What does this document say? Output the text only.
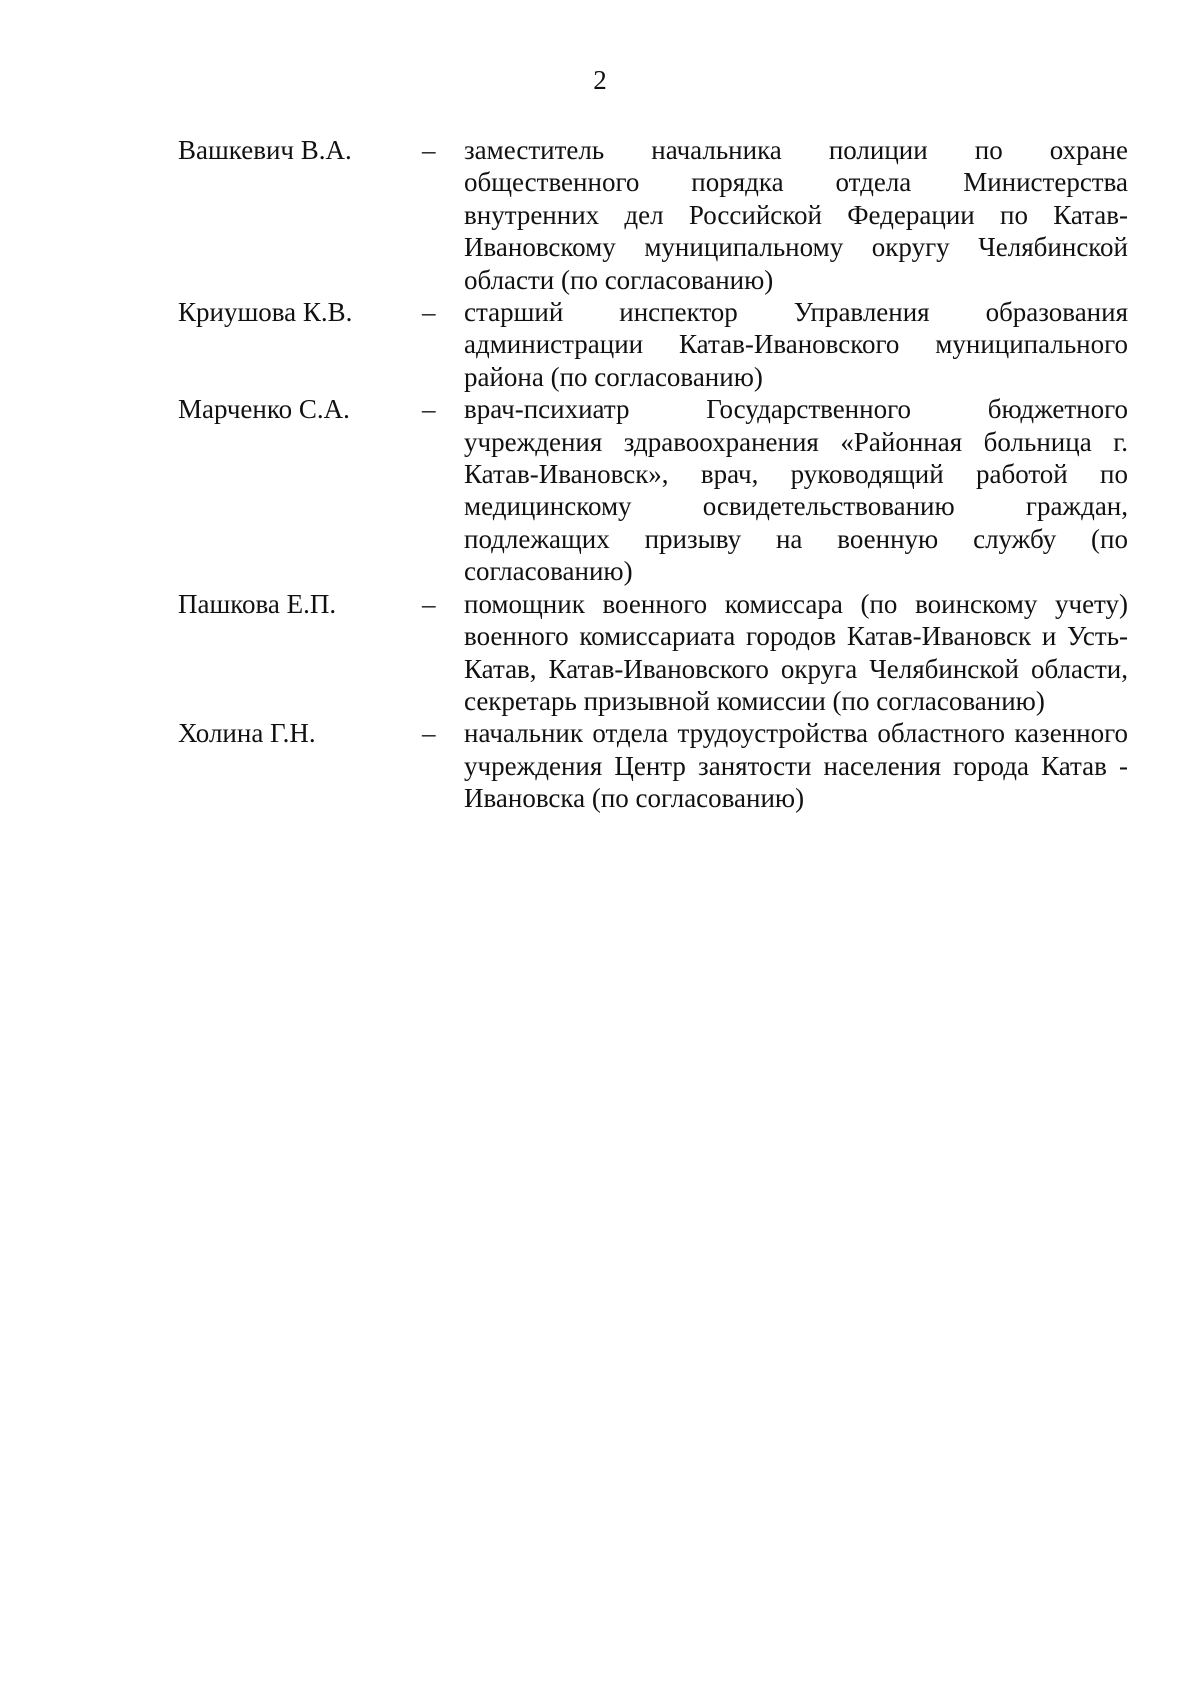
2
Вашкевич В.А.	– заместитель начальника полиции по охране общественного порядка отдела Министерства внутренних дел Российской Федерации по Катав-Ивановскому муниципальному округу Челябинской области (по согласованию)
Криушова К.В.	– старший инспектор Управления образования администрации Катав-Ивановского муниципального района (по согласованию)
Марченко С.А.	– врач-психиатр Государственного бюджетного учреждения здравоохранения «Районная больница г. Катав-Ивановск», врач, руководящий работой по медицинскому освидетельствованию граждан, подлежащих призыву на военную службу (по согласованию)
Пашкова Е.П.	– помощник военного комиссара (по воинскому учету) военного комиссариата городов Катав-Ивановск и Усть-Катав, Катав-Ивановского округа Челябинской области, секретарь призывной комиссии (по согласованию)
Холина Г.Н.	– начальник отдела трудоустройства областного казенного учреждения Центр занятости населения города Катав - Ивановска (по согласованию)
